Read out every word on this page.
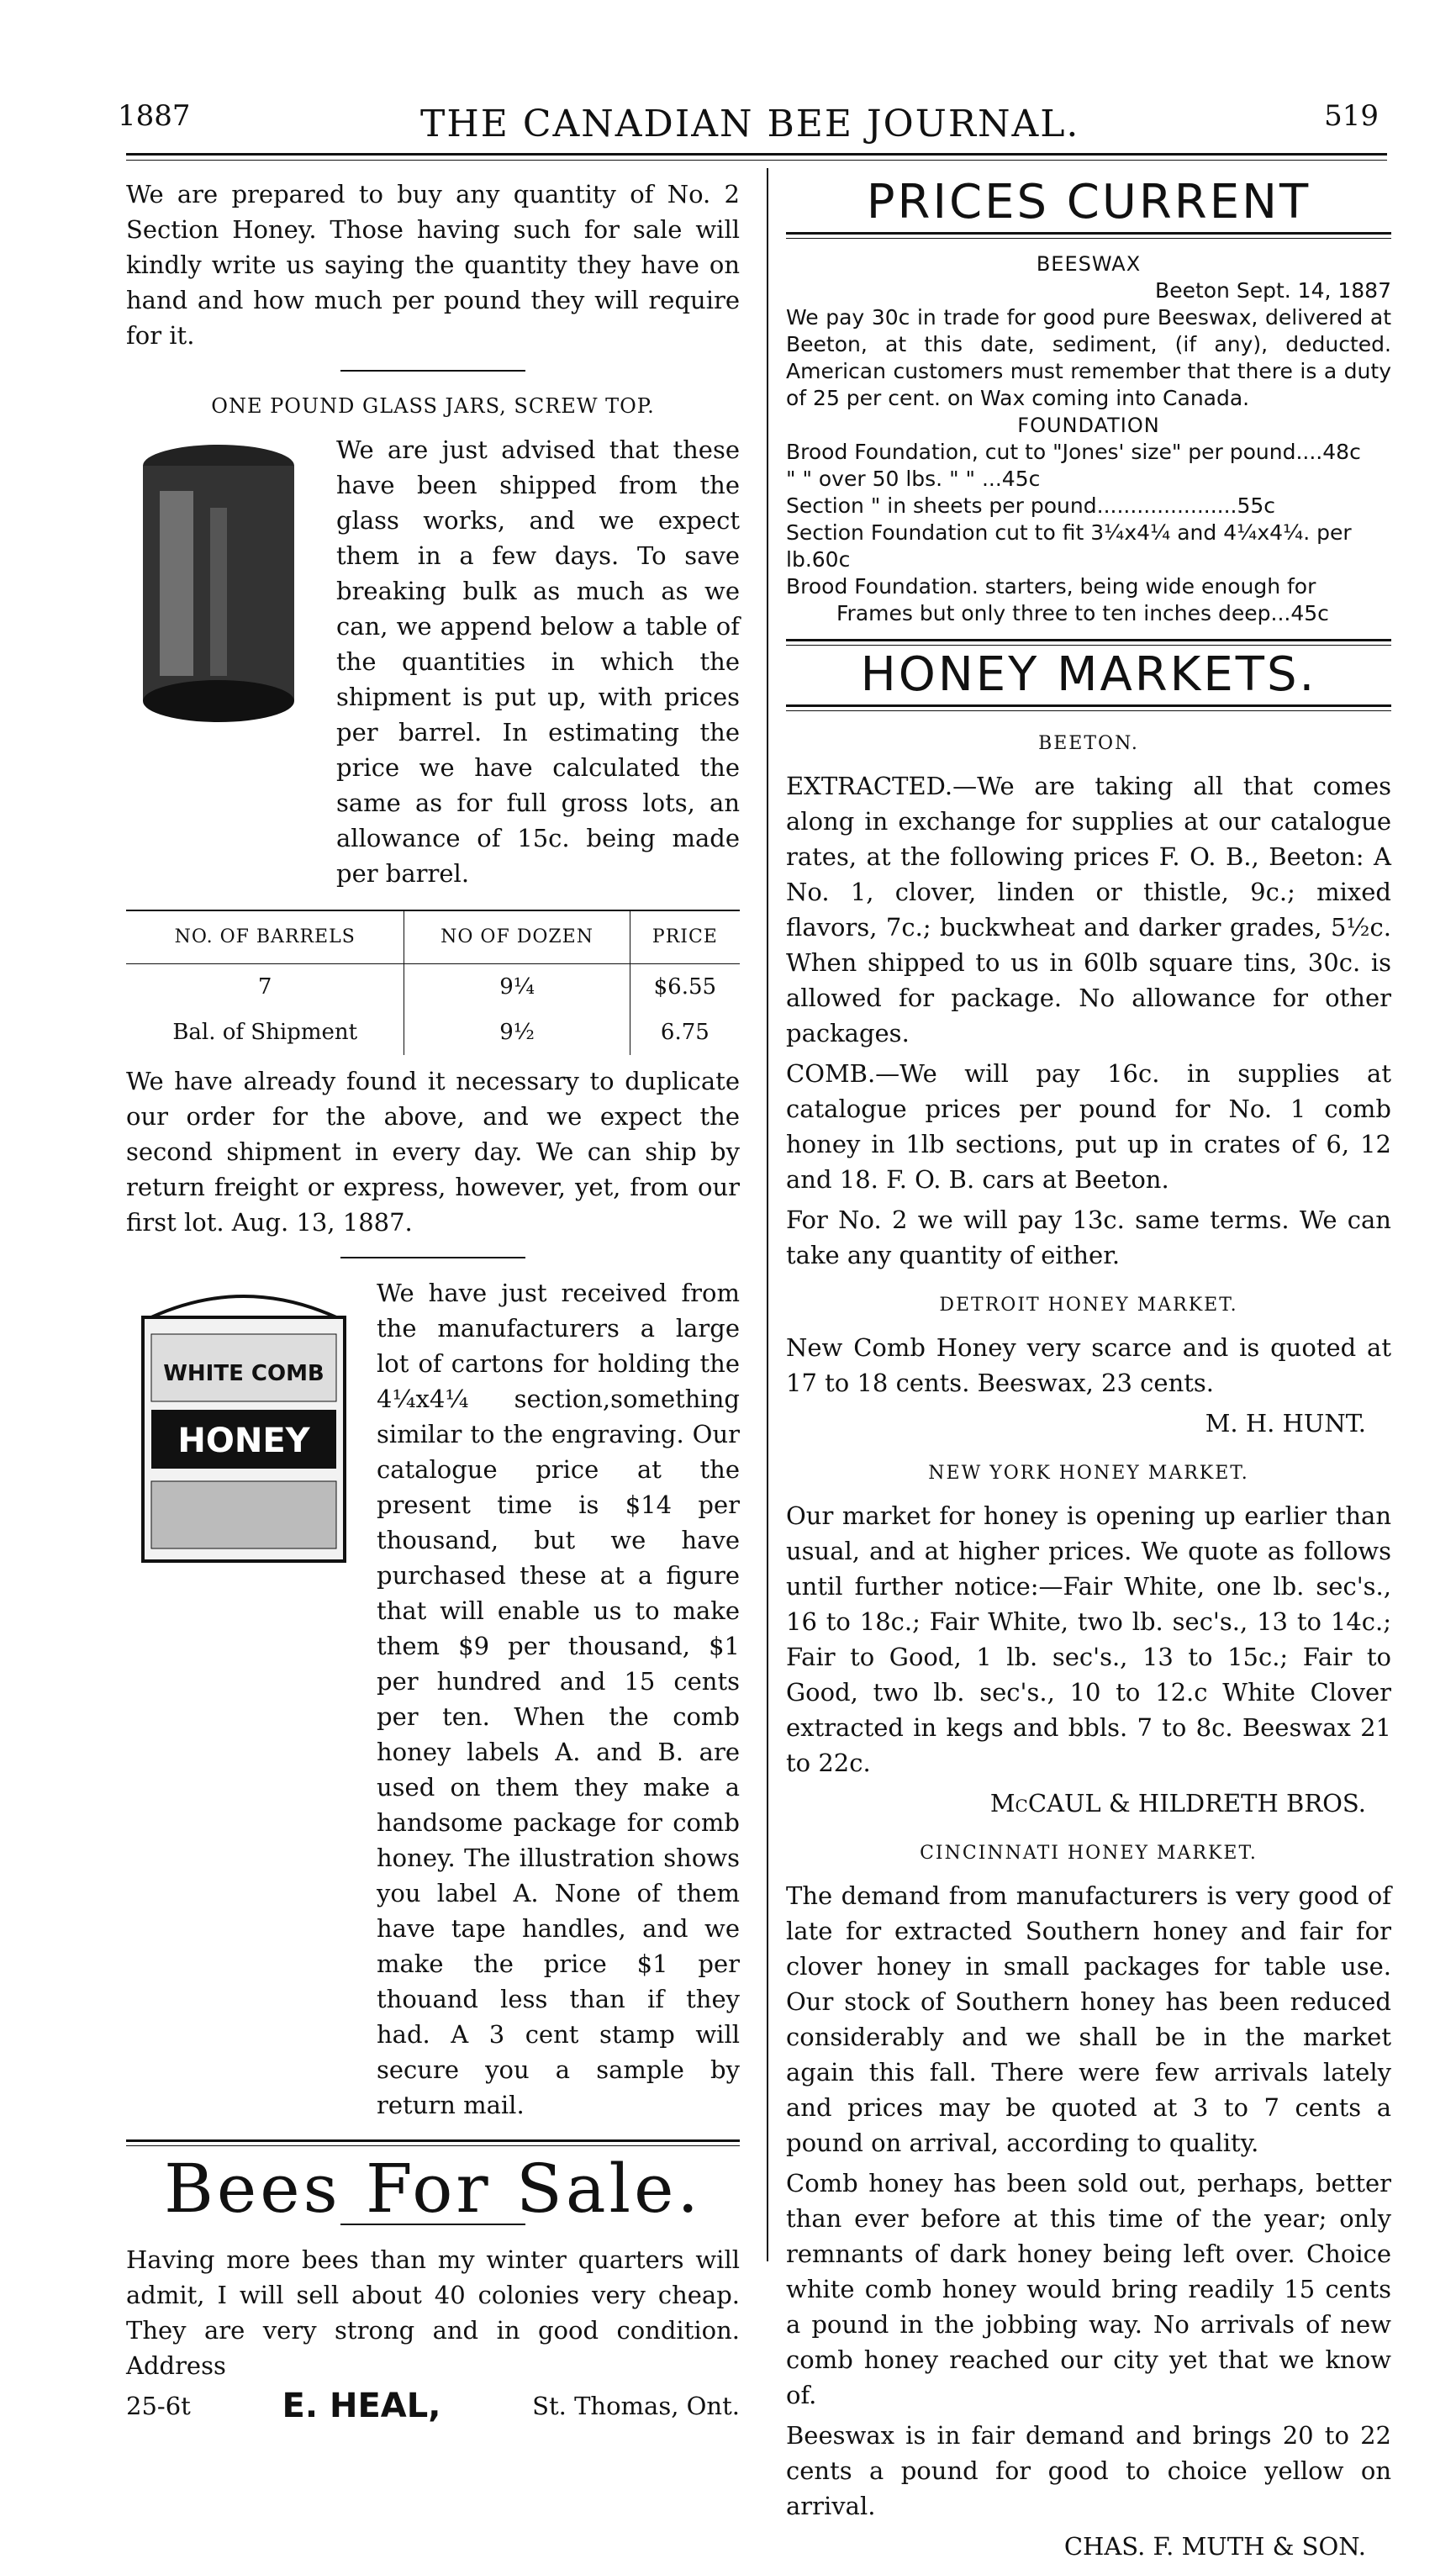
1887	THE CANADIAN BEE JOURNAL.	519

We are prepared to buy any quantity of No. 2 Section Honey. Those having such for sale will kindly write us saying the quantity they have on hand and how much per pound they will require for it.

ONE POUND GLASS JARS, SCREW TOP.

We are just advised that these have been shipped from the glass works, and we expect them in a few days. To save breaking bulk as much as we can, we append below a table of the quantities in which the shipment is put up, with prices per barrel. In estimating the price we have calculated the same as for full gross lots, an allowance of 15c. being made per barrel.

NO. OF BARRELS	NO OF DOZEN	PRICE
7	9¼	$6.55
Bal. of Shipment	9½	6.75

We have already found it necessary to duplicate our order for the above, and we expect the second shipment in every day. We can ship by return freight or express, however, yet, from our first lot. Aug. 13, 1887.

WHITE COMB
HONEY

We have just received from the manufacturers a large lot of cartons for holding the 4¼x4¼ section,something similar to the engraving. Our catalogue price at the present time is $14 per thousand, but we have purchased these at a figure that will enable us to make them $9 per thousand, $1 per hundred and 15 cents per ten. When the comb honey labels A. and B. are used on them they make a handsome package for comb honey. The illustration shows you label A. None of them have tape handles, and we make the price $1 per thouand less than if they had. A 3 cent stamp will secure you a sample by return mail.

Bees For Sale.

Having more bees than my winter quarters will admit, I will sell about 40 colonies very cheap. They are very strong and in good condition. Address

25-6t	E. HEAL,	St. Thomas, Ont.
PRICES CURRENT
BEESWAX
Beeton Sept. 14, 1887

We pay 30c in trade for good pure Beeswax, delivered at Beeton, at this date, sediment, (if any), deducted. American customers must remember that there is a duty of 25 per cent. on Wax coming into Canada.

FOUNDATION
Brood Foundation, cut to "Jones' size" per pound....48c
" " over 50 lbs. " " ...45c
Section " in sheets per pound.....................55c
Section Foundation cut to fit 3¼x4¼ and 4¼x4¼. per lb.60c
Brood Foundation. starters, being wide enough for
Frames but only three to ten inches deep...45c
HONEY MARKETS.
BEETON.

EXTRACTED.—We are taking all that comes along in exchange for supplies at our catalogue rates, at the following prices F. O. B., Beeton: A No. 1, clover, linden or thistle, 9c.; mixed flavors, 7c.; buckwheat and darker grades, 5½c. When shipped to us in 60lb square tins, 30c. is allowed for package. No allowance for other packages.

COMB.—We will pay 16c. in supplies at catalogue prices per pound for No. 1 comb honey in 1lb sections, put up in crates of 6, 12 and 18. F. O. B. cars at Beeton.

For No. 2 we will pay 13c. same terms. We can take any quantity of either.

DETROIT HONEY MARKET.

New Comb Honey very scarce and is quoted at 17 to 18 cents. Beeswax, 23 cents.

M. H. HUNT.
NEW YORK HONEY MARKET.

Our market for honey is opening up earlier than usual, and at higher prices. We quote as follows until further notice:—Fair White, one lb. sec's., 16 to 18c.; Fair White, two lb. sec's., 13 to 14c.; Fair to Good, 1 lb. sec's., 13 to 15c.; Fair to Good, two lb. sec's., 10 to 12.c White Clover extracted in kegs and bbls. 7 to 8c. Beeswax 21 to 22c.

McCAUL & HILDRETH BROS.
CINCINNATI HONEY MARKET.

The demand from manufacturers is very good of late for extracted Southern honey and fair for clover honey in small packages for table use. Our stock of Southern honey has been reduced considerably and we shall be in the market again this fall. There were few arrivals lately and prices may be quoted at 3 to 7 cents a pound on arrival, according to quality.

Comb honey has been sold out, perhaps, better than ever before at this time of the year; only remnants of dark honey being left over. Choice white comb honey would bring readily 15 cents a pound in the jobbing way. No arrivals of new comb honey reached our city yet that we know of.

Beeswax is in fair demand and brings 20 to 22 cents a pound for good to choice yellow on arrival.

CHAS. F. MUTH & SON.
